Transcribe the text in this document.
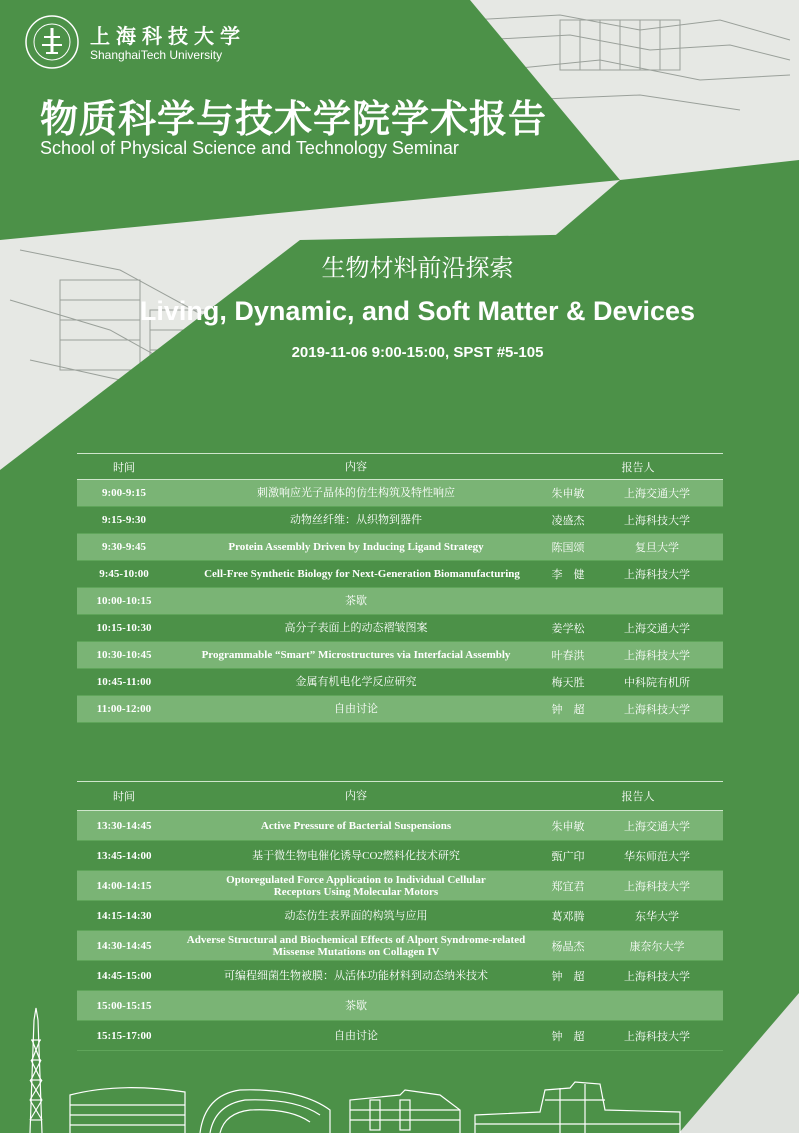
上海科技大学
ShanghaiTech University
物质科学与技术学院学术报告
School of Physical Science and Technology Seminar
生物材料前沿探索
Living, Dynamic, and Soft Matter & Devices
2019-11-06 9:00-15:00, SPST #5-105
时间	内容	报告人
9:00-9:15	刺激响应光子晶体的仿生构筑及特性响应	朱申敏	上海交通大学
9:15-9:30	动物丝纤维：从织物到器件	凌盛杰	上海科技大学
9:30-9:45	Protein Assembly Driven by Inducing Ligand Strategy	陈国颂	复旦大学
9:45-10:00	Cell-Free Synthetic Biology for Next-Generation Biomanufacturing	李　健	上海科技大学
10:00-10:15	茶歇
10:15-10:30	高分子表面上的动态褶皱图案	姜学松	上海交通大学
10:30-10:45	Programmable “Smart” Microstructures via Interfacial Assembly	叶春洪	上海科技大学
10:45-11:00	金属有机电化学反应研究	梅天胜	中科院有机所
11:00-12:00	自由讨论	钟　超	上海科技大学
时间	内容	报告人
13:30-14:45	Active Pressure of Bacterial Suspensions	朱申敏	上海交通大学
13:45-14:00	基于微生物电催化诱导CO2燃料化技术研究	甄广印	华东师范大学
14:00-14:15	Optoregulated Force Application to Individual Cellular Receptors Using Molecular Motors	郑宜君	上海科技大学
14:15-14:30	动态仿生表界面的构筑与应用	葛邓腾	东华大学
14:30-14:45	Adverse Structural and Biochemical Effects of Alport Syndrome-related Missense Mutations on Collagen IV	杨晶杰	康奈尔大学
14:45-15:00	可编程细菌生物被膜：从活体功能材料到动态纳米技术	钟　超	上海科技大学
15:00-15:15	茶歇
15:15-17:00	自由讨论	钟　超	上海科技大学
